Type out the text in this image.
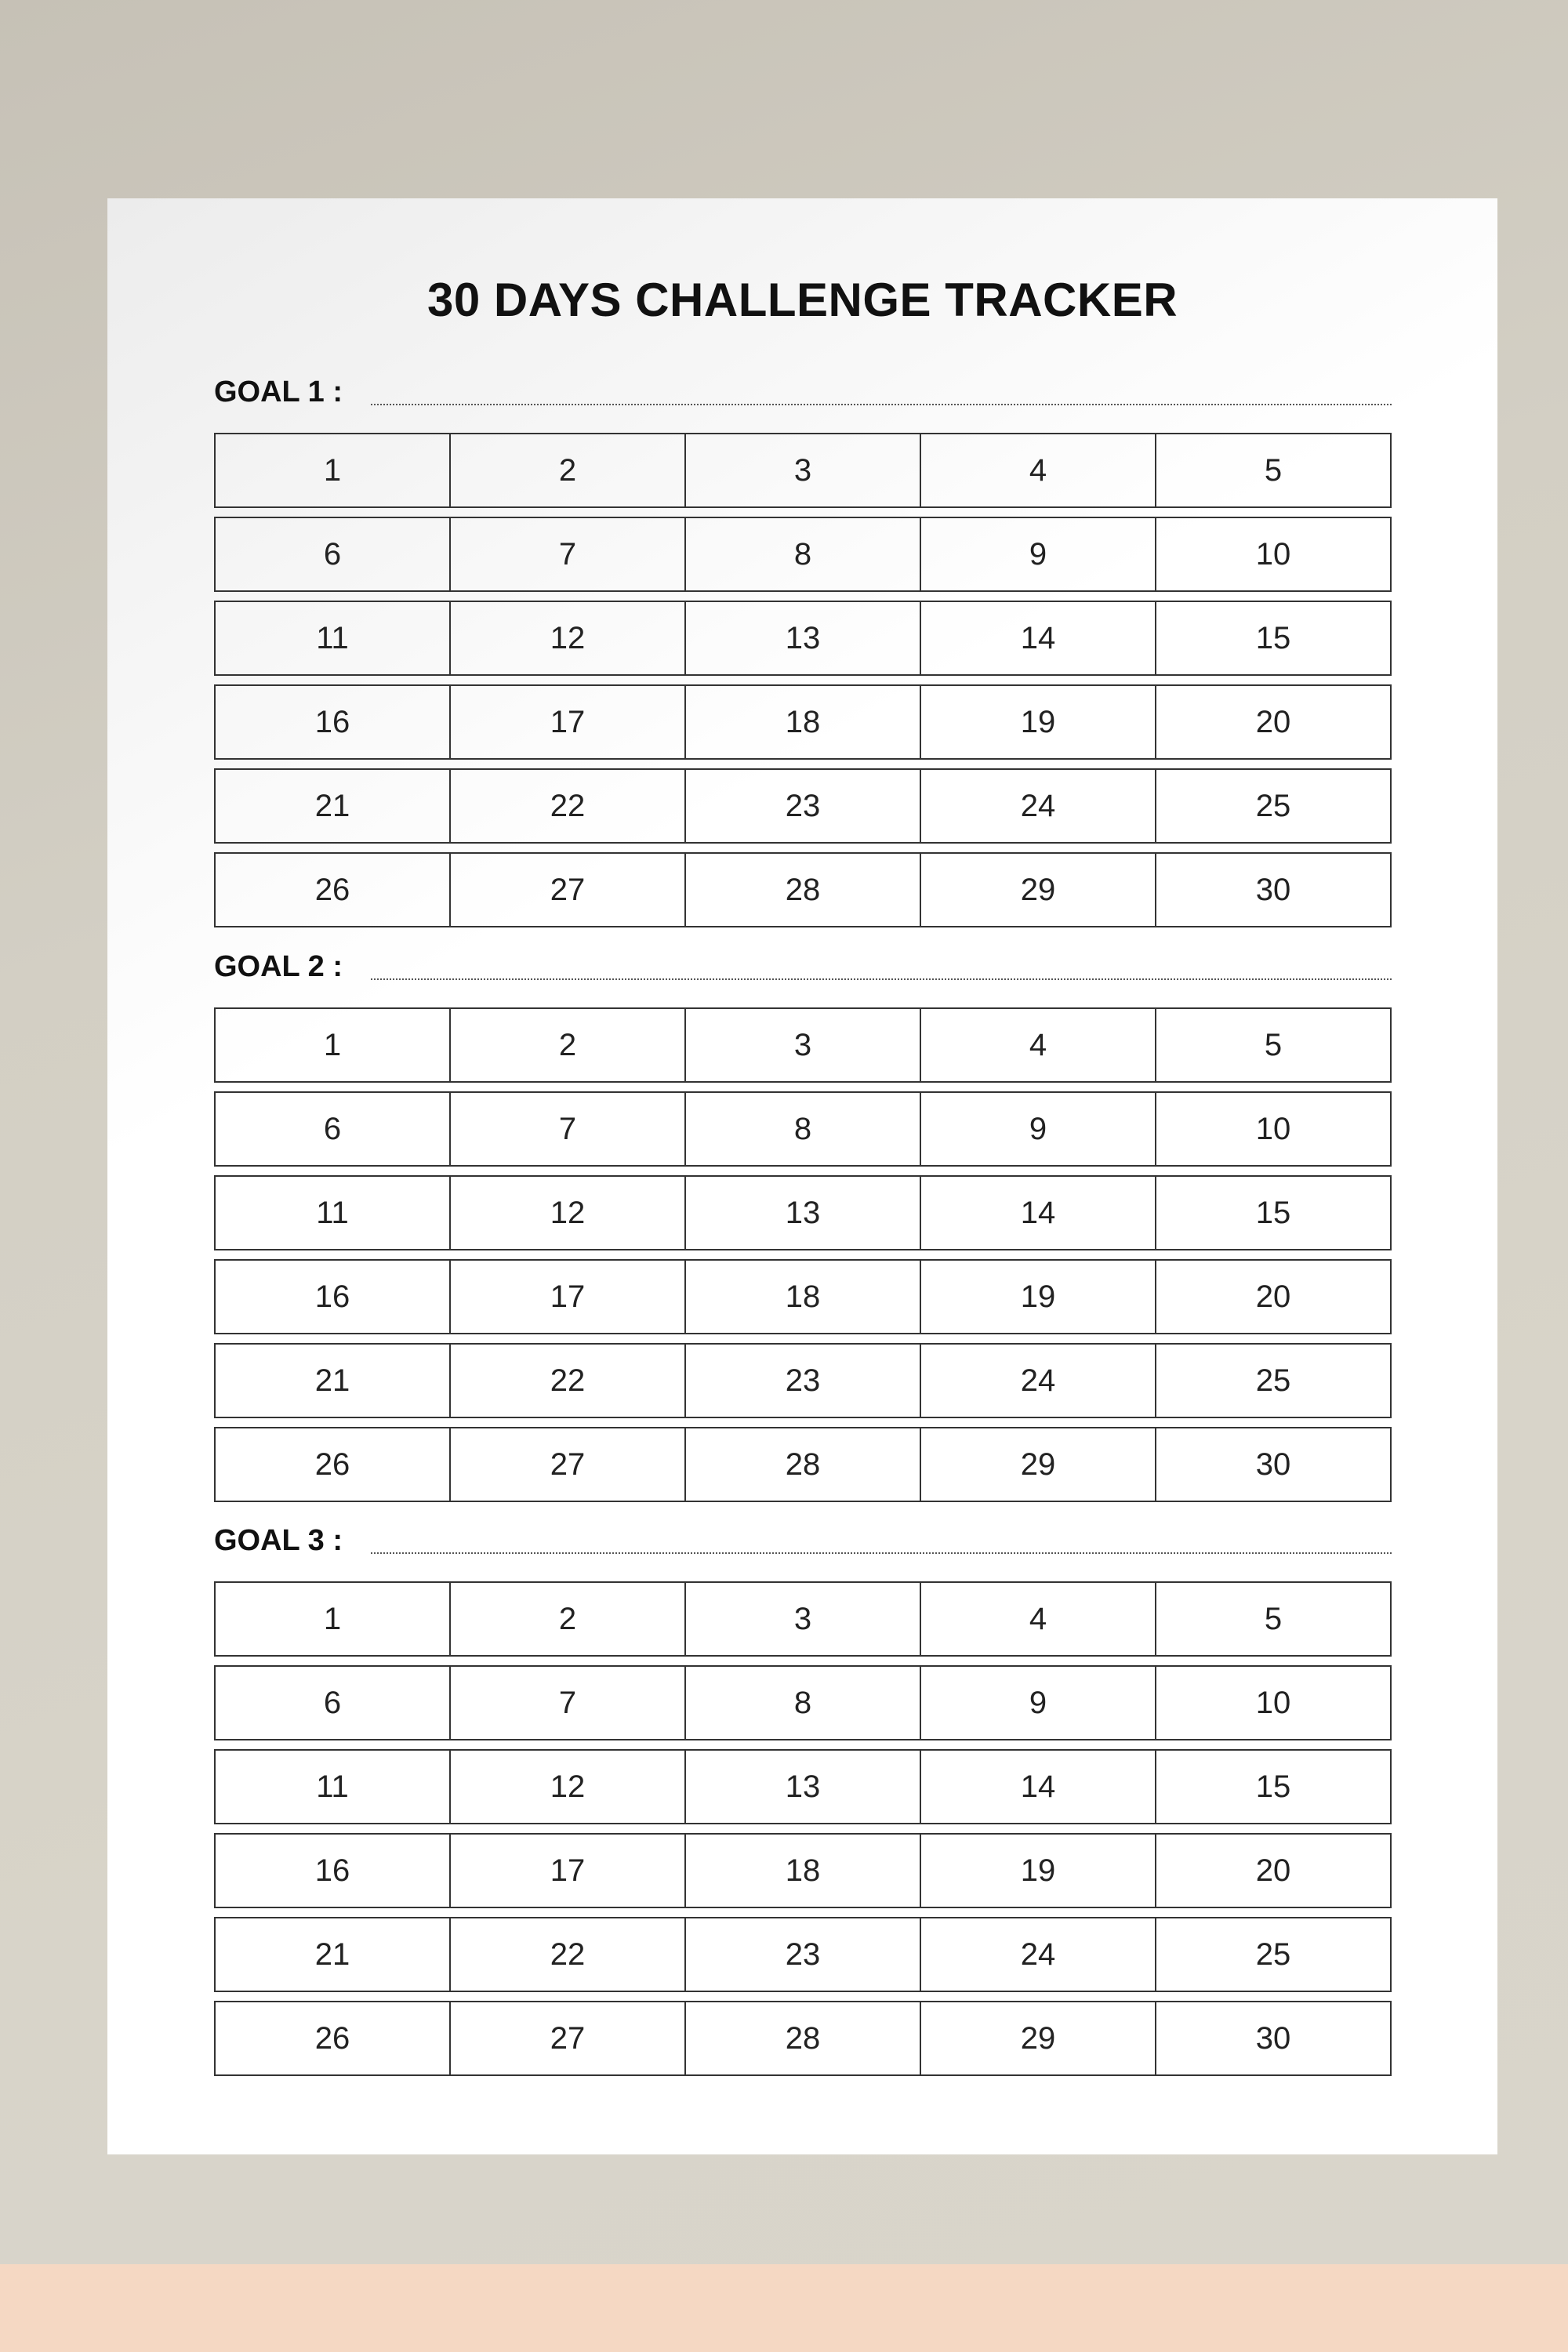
30 DAYS CHALLENGE TRACKER
GOAL 1 :
1	2	3	4	5
6	7	8	9	10
11	12	13	14	15
16	17	18	19	20
21	22	23	24	25
26	27	28	29	30
GOAL 2 :
1	2	3	4	5
6	7	8	9	10
11	12	13	14	15
16	17	18	19	20
21	22	23	24	25
26	27	28	29	30
GOAL 3 :
1	2	3	4	5
6	7	8	9	10
11	12	13	14	15
16	17	18	19	20
21	22	23	24	25
26	27	28	29	30
